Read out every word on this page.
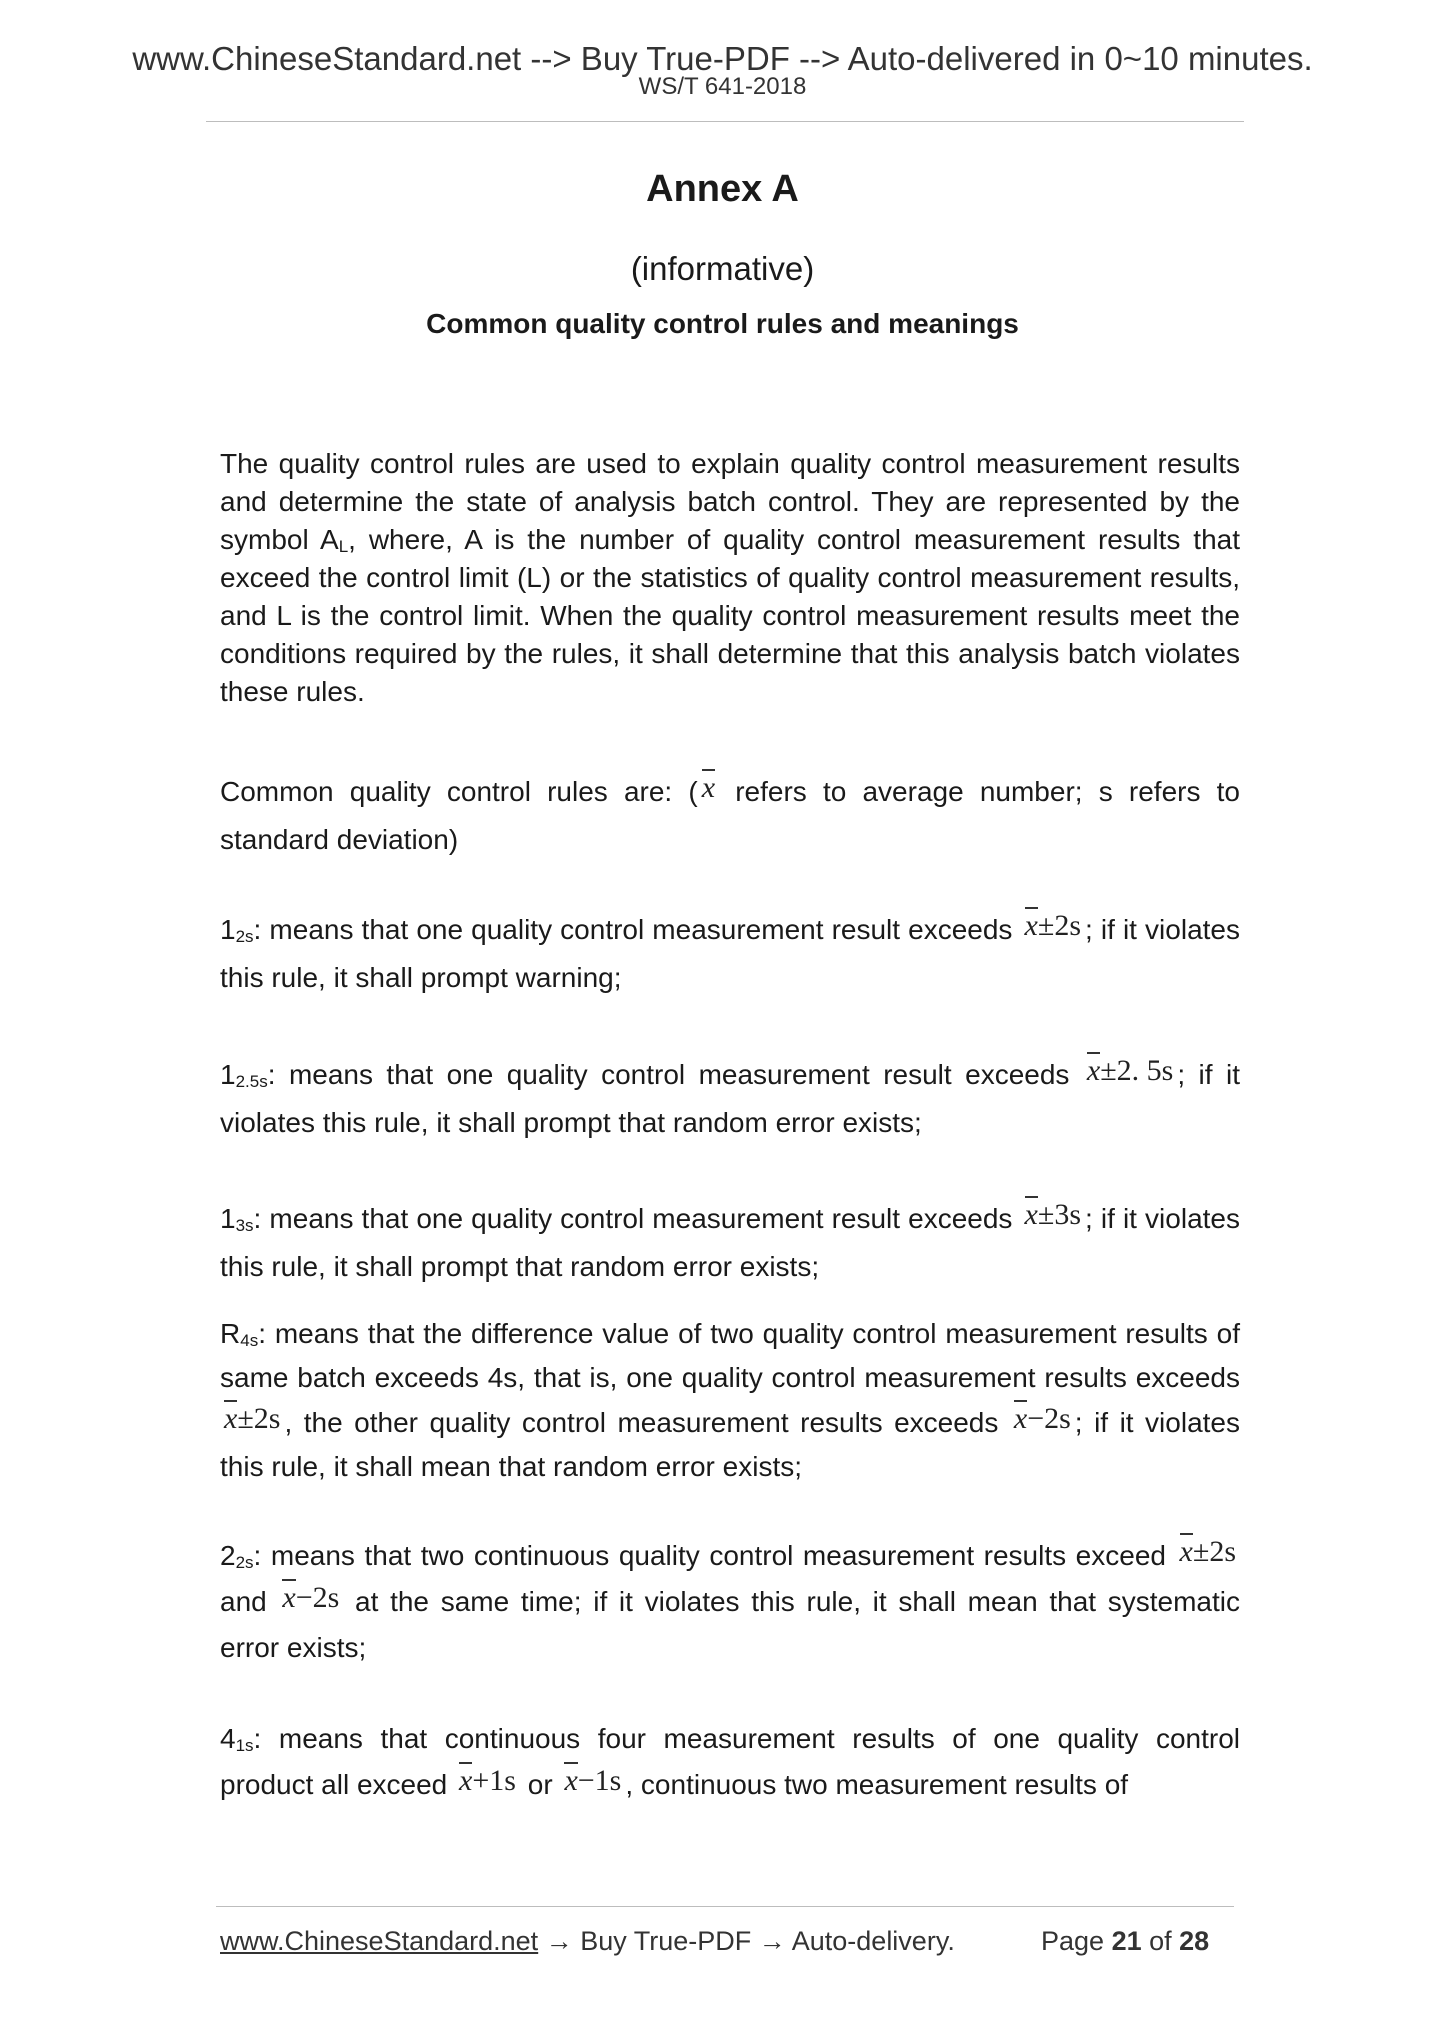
www.ChineseStandard.net --> Buy True-PDF --> Auto-delivered in 0~10 minutes.
WS/T 641-2018
Annex A
(informative)
Common quality control rules and meanings
The quality control rules are used to explain quality control measurement results and determine the state of analysis batch control. They are represented by the symbol $A_L$, where, A is the number of quality control measurement results that exceed the control limit (L) or the statistics of quality control measurement results, and L is the control limit. When the quality control measurement results meet the conditions required by the rules, it shall determine that this analysis batch violates these rules.
Common quality control rules are: ( x refers to average number; s refers to standard deviation)
$1_{2s}$: means that one quality control measurement result exceeds x±2s ; if it violates this rule, it shall prompt warning;
$1_{2.5s}$: means that one quality control measurement result exceeds x±2. 5s ; if it violates this rule, it shall prompt that random error exists;
$1_{3s}$: means that one quality control measurement result exceeds x±3s ; if it violates this rule, it shall prompt that random error exists;
$R_{4s}$: means that the difference value of two quality control measurement results of same batch exceeds 4s, that is, one quality control measurement results exceeds x±2s , the other quality control measurement results exceeds x−2s ; if it violates this rule, it shall mean that random error exists;
$2_{2s}$: means that two continuous quality control measurement results exceed x±2s and x−2s at the same time; if it violates this rule, it shall mean that systematic error exists;
$4_{1s}$: means that continuous four measurement results of one quality control product all exceed x+1s or x−1s , continuous two measurement results of
www.ChineseStandard.net → Buy True-PDF → Auto-delivery.	Page 21 of 28
